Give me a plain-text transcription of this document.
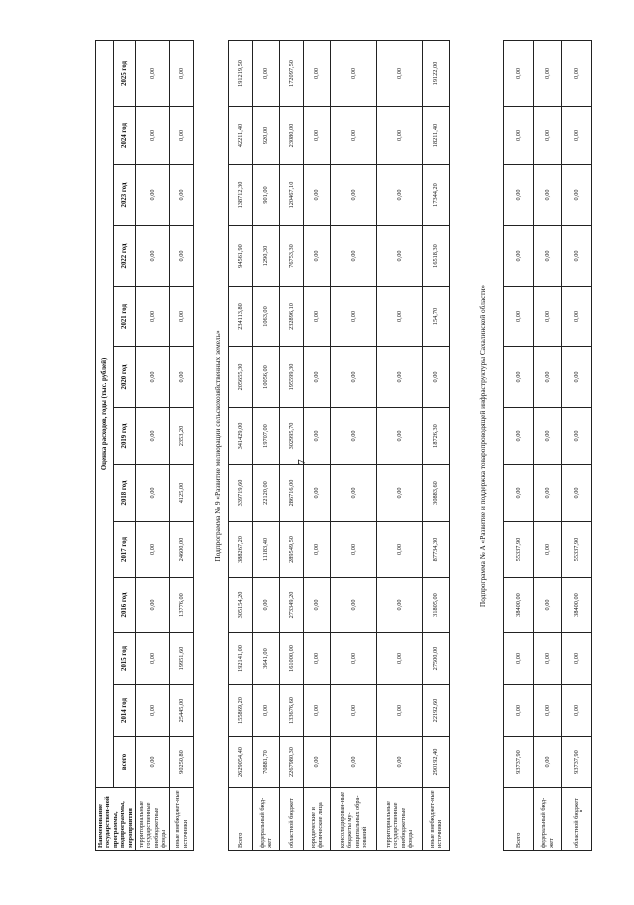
7
Наименование государствен-ной программы, подпрограммы, мероприятия	Оценка расходов, годы (тыс. рублей)												
	всего	2014 год	2015 год	2016 год	2017 год	2018 год	2019 год	2020 год	2021 год	2022 год	2023 год	2024 год	2025 год
территориальные государственные внебюджетные фонды	0,00	0,00	0,00	0,00	0,00	0,00	0,00	0,00	0,00	0,00	0,00	0,00	0,00
иные внебюджет-ные источники	90250,80	25445,00	19951,60	13776,00	24600,00	4125,00	2353,20	0,00	0,00	0,00	0,00	0,00	0,00
Подпрограмма № 9 «Развитие мелиорации сельскохозяйственных земель»
Всего	2629054,40	155869,20	192141,00	305154,20	388267,20	339719,60	341429,00	205655,30	234113,80	94561,90	138712,30	42211,40	191219,50
федеральный бюд-жет	70881,70	0,00	3641,00	0,00	11183,40	22120,00	19707,00	10056,00	1063,00	1290,30	901,00	920,00	0,00
областной бюджет	2267980,30	133676,60	161000,00	273349,20	289549,50	286716,00	302995,70	195599,30	232896,10	76753,30	120467,10	23080,00	172097,50
юридические и физические лица	0,00	0,00	0,00	0,00	0,00	0,00	0,00	0,00	0,00	0,00	0,00	0,00	0,00
консолидирован-ные бюджеты му-ниципальных обра-зований	0,00	0,00	0,00	0,00	0,00	0,00	0,00	0,00	0,00	0,00	0,00	0,00	0,00
территориальные государственные внебюджетные фонды	0,00	0,00	0,00	0,00	0,00	0,00	0,00	0,00	0,00	0,00	0,00	0,00	0,00
иные внебюджет-ные источники	290192,40	22192,60	27500,00	31805,00	87734,30	30883,60	18726,30	0,00	154,70	16518,30	17344,20	18211,40	19122,00
Подпрограмма № А «Развитие и поддержка товаропроводящей инфраструктуры Сахалинской области»
Всего	93737,90	0,00	0,00	38400,00	55337,90	0,00	0,00	0,00	0,00	0,00	0,00	0,00	0,00
федеральный бюд-жет	0,00	0,00	0,00	0,00	0,00	0,00	0,00	0,00	0,00	0,00	0,00	0,00	0,00
областной бюджет	93737,90	0,00	0,00	38400,00	55337,90	0,00	0,00	0,00	0,00	0,00	0,00	0,00	0,00
